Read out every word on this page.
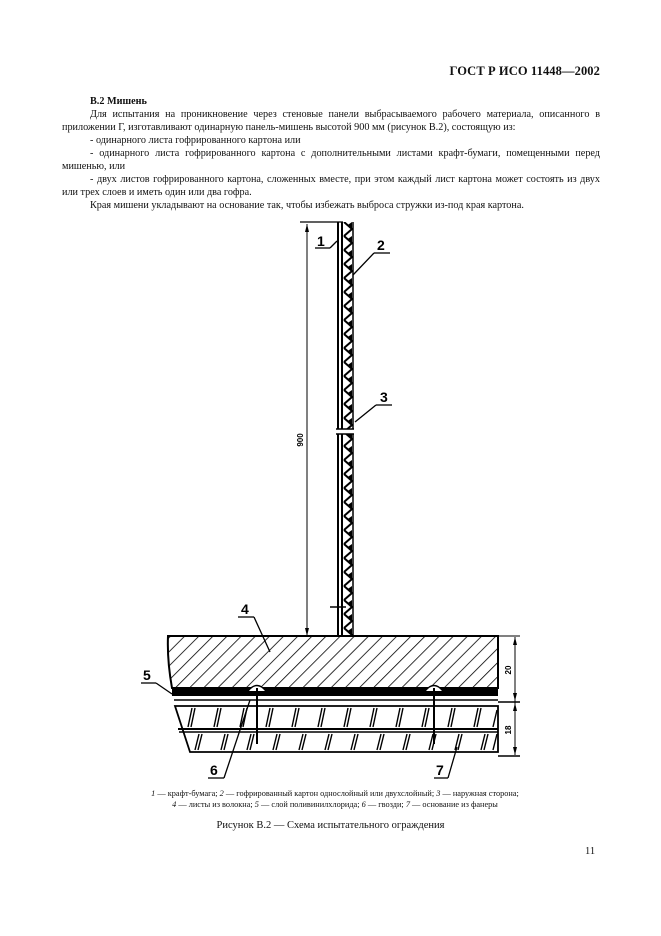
ГОСТ Р ИСО 11448—2002

В.2 Мишень

Для испытания на проникновение через стеновые панели выбрасываемого рабочего материала, описанного в приложении Г, изготавливают одинарную панель-мишень высотой 900 мм (рисунок В.2), состоящую из:

- одинарного листа гофрированного картона или

- одинарного листа гофрированного картона с дополнительными листами крафт-бумаги, помещенными перед мишенью, или

- двух листов гофрированного картона, сложенных вместе, при этом каждый лист картона может состоять из двух или трех слоев и иметь один или два гофра.

Края мишени укладывают на основание так, чтобы избежать выброса стружки из-под края картона.

900
20
18
1	2
3
4
5
6	7
1 — крафт-бумага; 2 — гофрированный картон однослойный или двухслойный; 3 — наружная сторона;
4 — листы из волокна; 5 — слой поливинилхлорида; 6 — гвозди; 7 — основание из фанеры
Рисунок В.2 — Схема испытательного ограждения
11
